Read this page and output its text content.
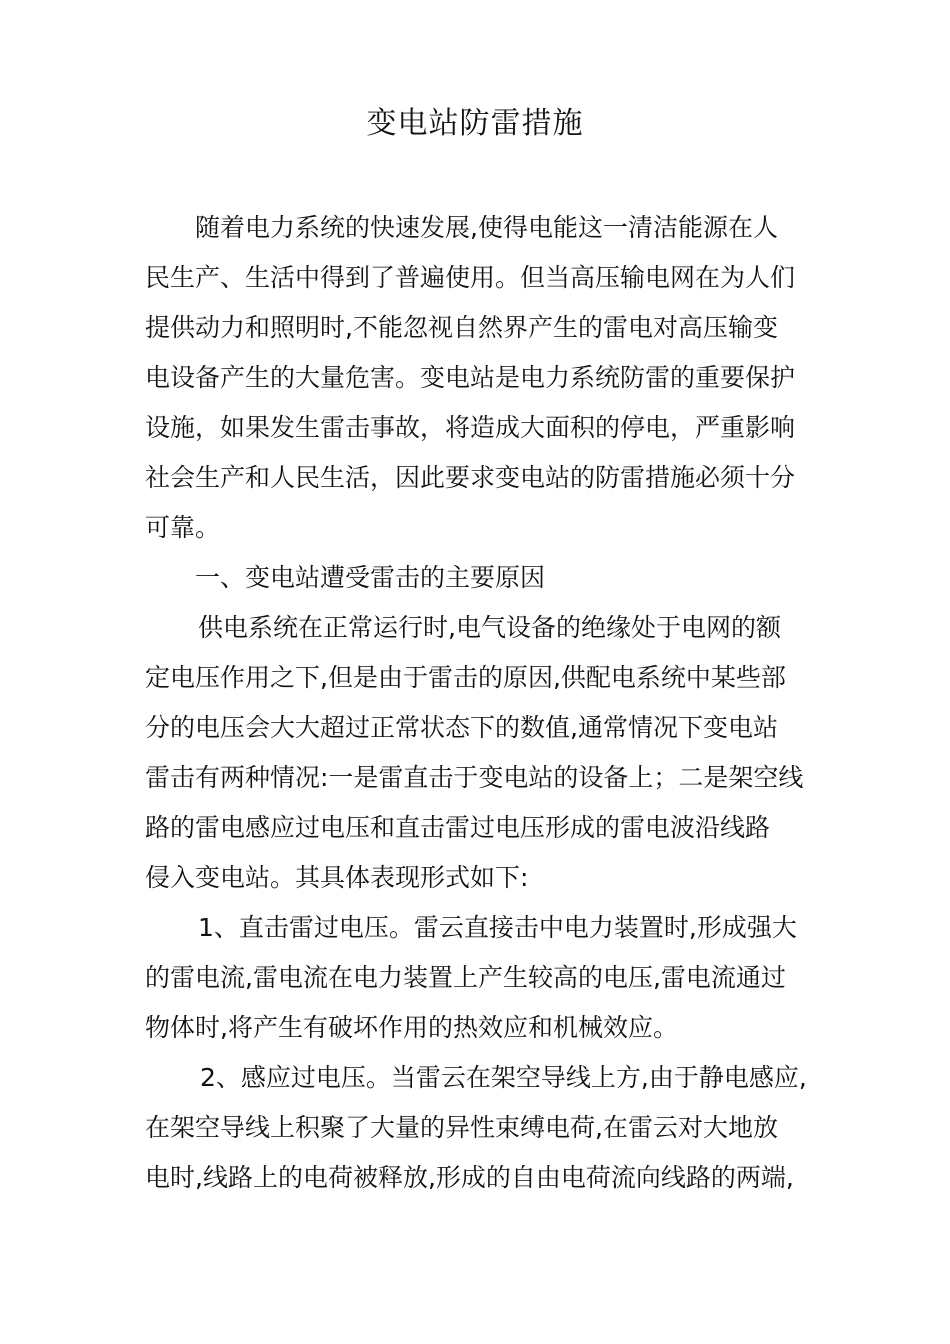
变电站防雷措施
随着电力系统的快速发展,使得电能这一清洁能源在人
民生产、生活中得到了普遍使用。但当高压输电网在为人们
提供动力和照明时,不能忽视自然界产生的雷电对高压输变
电设备产生的大量危害。变电站是电力系统防雷的重要保护
设施，如果发生雷击事故，将造成大面积的停电，严重影响
社会生产和人民生活，因此要求变电站的防雷措施必须十分
可靠。
一、变电站遭受雷击的主要原因
供电系统在正常运行时,电气设备的绝缘处于电网的额
定电压作用之下,但是由于雷击的原因,供配电系统中某些部
分的电压会大大超过正常状态下的数值,通常情况下变电站
雷击有两种情况:一是雷直击于变电站的设备上；二是架空线
路的雷电感应过电压和直击雷过电压形成的雷电波沿线路
侵入变电站。其具体表现形式如下:
1、直击雷过电压。雷云直接击中电力装置时,形成强大
的雷电流,雷电流在电力装置上产生较高的电压,雷电流通过
物体时,将产生有破坏作用的热效应和机械效应。
2、感应过电压。当雷云在架空导线上方,由于静电感应,
在架空导线上积聚了大量的异性束缚电荷,在雷云对大地放
电时,线路上的电荷被释放,形成的自由电荷流向线路的两端,
